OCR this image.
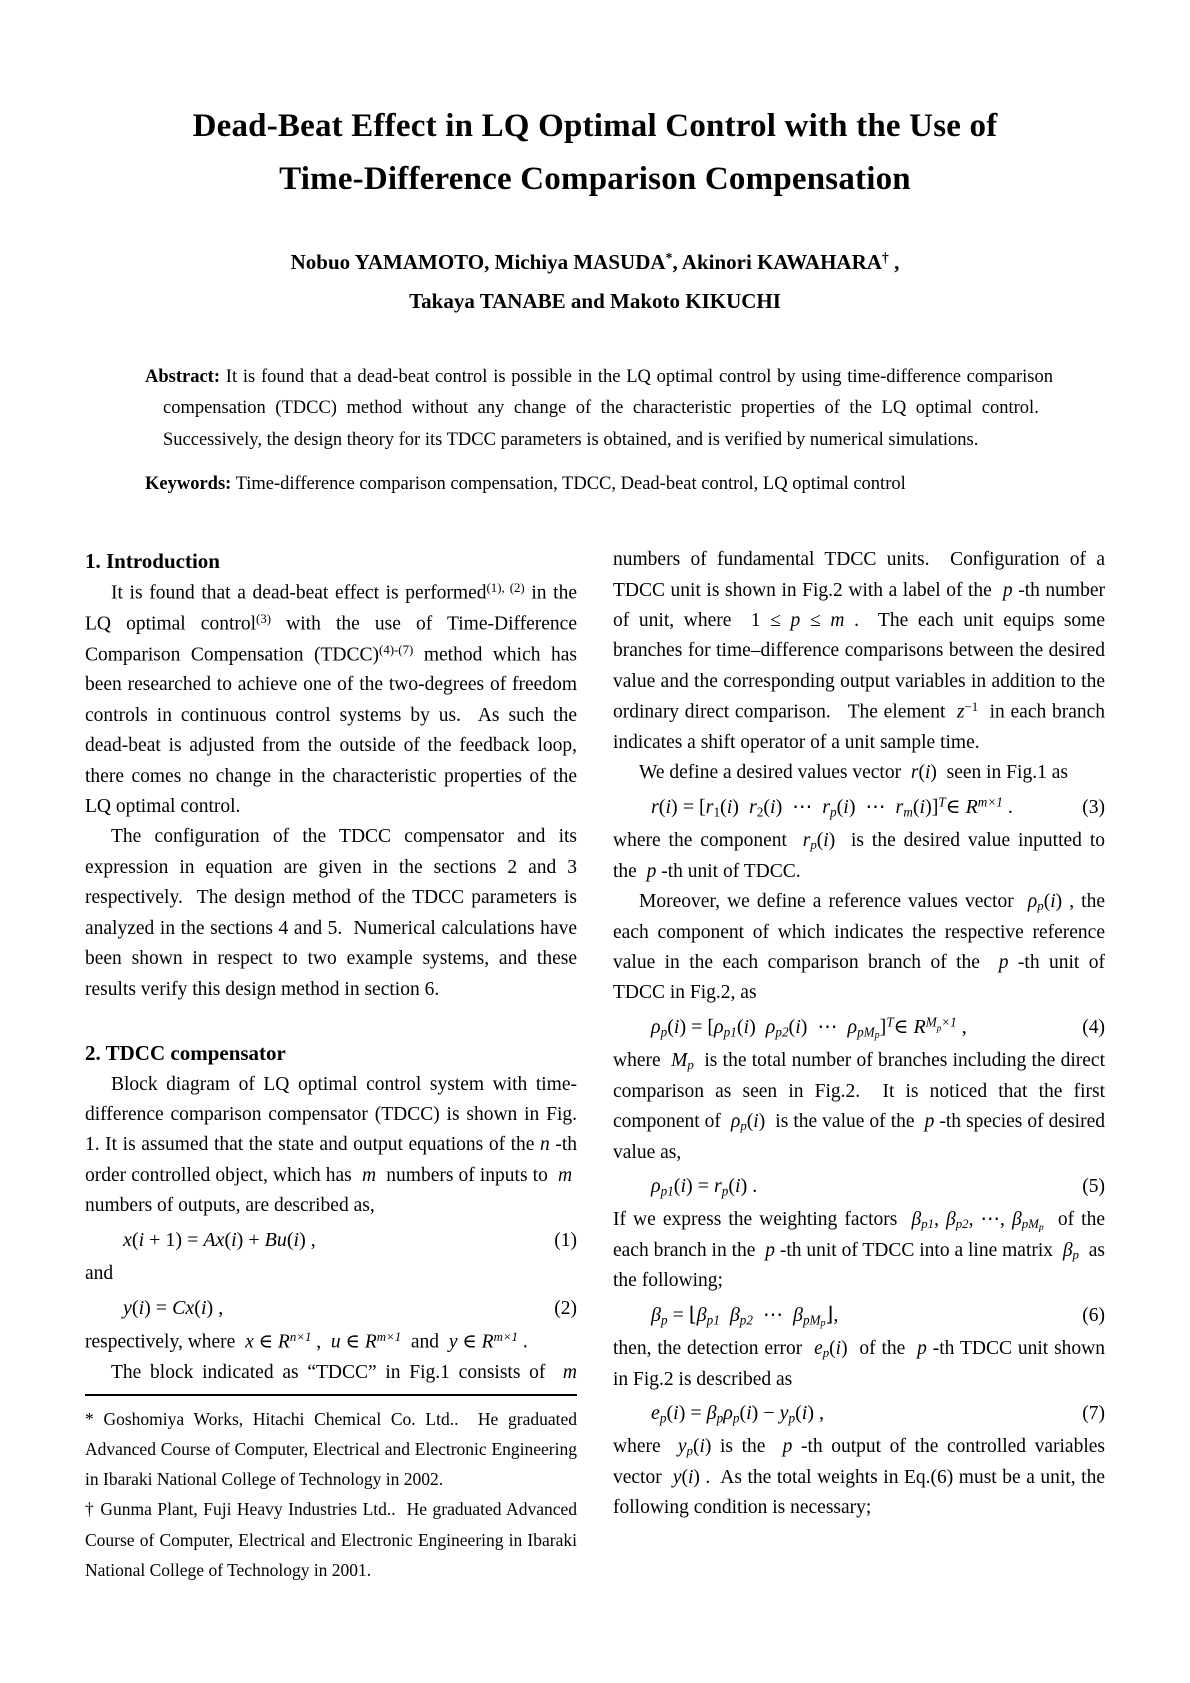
Dead-Beat Effect in LQ Optimal Control with the Use of
Time-Difference Comparison Compensation
Nobuo YAMAMOTO, Michiya MASUDA*, Akinori KAWAHARA† ,
Takaya TANABE and Makoto KIKUCHI

Abstract: It is found that a dead-beat control is possible in the LQ optimal control by using time-difference comparison compensation (TDCC) method without any change of the characteristic properties of the LQ optimal control.   Successively, the design theory for its TDCC parameters is obtained, and is verified by numerical simulations.

Keywords: Time-difference comparison compensation, TDCC, Dead-beat control, LQ optimal control

1. Introduction

It is found that a dead-beat effect is performed$^{(1), (2)}$ in the LQ optimal control$^{(3)}$ with the use of Time-Difference Comparison Compensation (TDCC)$^{(4)-(7)}$ method which has been researched to achieve one of the two-degrees of freedom controls in continuous control systems by us.  As such the dead-beat is adjusted from the outside of the feedback loop, there comes no change in the characteristic properties of the LQ optimal control.

The configuration of the TDCC compensator and its expression in equation are given in the sections 2 and 3 respectively.  The design method of the TDCC parameters is analyzed in the sections 4 and 5.  Numerical calculations have been shown in respect to two example systems, and these results verify this design method in section 6.

2. TDCC compensator

Block diagram of LQ optimal control system with time-difference comparison compensator (TDCC) is shown in Fig. 1. It is assumed that the state and output equations of the n -th order controlled object, which has  m  numbers of inputs to  m  numbers of outputs, are described as,

x(i + 1) = Ax(i) + Bu(i) ,	(1)

and

y(i) = Cx(i) ,	(2)

respectively, where  x ∈ $R^{n\times 1}$ ,  u ∈ $R^{m\times 1}$  and  y ∈ $R^{m\times 1}$ .

The block indicated as “TDCC” in Fig.1 consists of  m

* Goshomiya Works, Hitachi Chemical Co. Ltd..  He graduated Advanced Course of Computer, Electrical and Electronic Engineering in Ibaraki National College of Technology in 2002.

† Gunma Plant, Fuji Heavy Industries Ltd..  He graduated Advanced Course of Computer, Electrical and Electronic Engineering in Ibaraki National College of Technology in 2001.

numbers of fundamental TDCC units.  Configuration of a TDCC unit is shown in Fig.2 with a label of the  p -th number of unit, where  1 ≤ p ≤ m .  The each unit equips some branches for time–difference comparisons between the desired value and the corresponding output variables in addition to the ordinary direct comparison.   The element  $z^{-1}$  in each branch indicates a shift operator of a unit sample time.

We define a desired values vector  r(i)  seen in Fig.1 as

r(i) = [r1(i)  r2(i)  ⋯  rp(i)  ⋯  rm(i)]$^T$∈ $R^{m\times 1}$ .	(3)

where the component  rp(i)  is the desired value inputted to the  p -th unit of TDCC.

Moreover, we define a reference values vector  ρp(i) , the each component of which indicates the respective reference value in the each comparison branch of the  p -th unit of TDCC in Fig.2, as

ρp(i) = [ρp1(i)  ρp2(i)  ⋯  ρpM$_p$]$^T$∈ $R^Mp^{\times 1}$ ,	(4)

where  Mp  is the total number of branches including the direct comparison as seen in Fig.2.  It is noticed that the first component of  ρp(i)  is the value of the  p -th species of desired value as,

ρp1(i) = rp(i) .	(5)

If we express the weighting factors  βp1, βp2, ⋯, βpM$_p$  of the each branch in the  p -th unit of TDCC into a line matrix  βp  as the following;

βp = ⌊βp1 βp2  ⋯  βpM$_p$⌋,	(6)

then, the detection error  ep(i)  of the  p -th TDCC unit shown in Fig.2 is described as

ep(i) = βpρp(i) − yp(i) ,	(7)

where  yp(i) is the  p -th output of the controlled variables vector  y(i) .  As the total weights in Eq.(6) must be a unit, the following condition is necessary;
